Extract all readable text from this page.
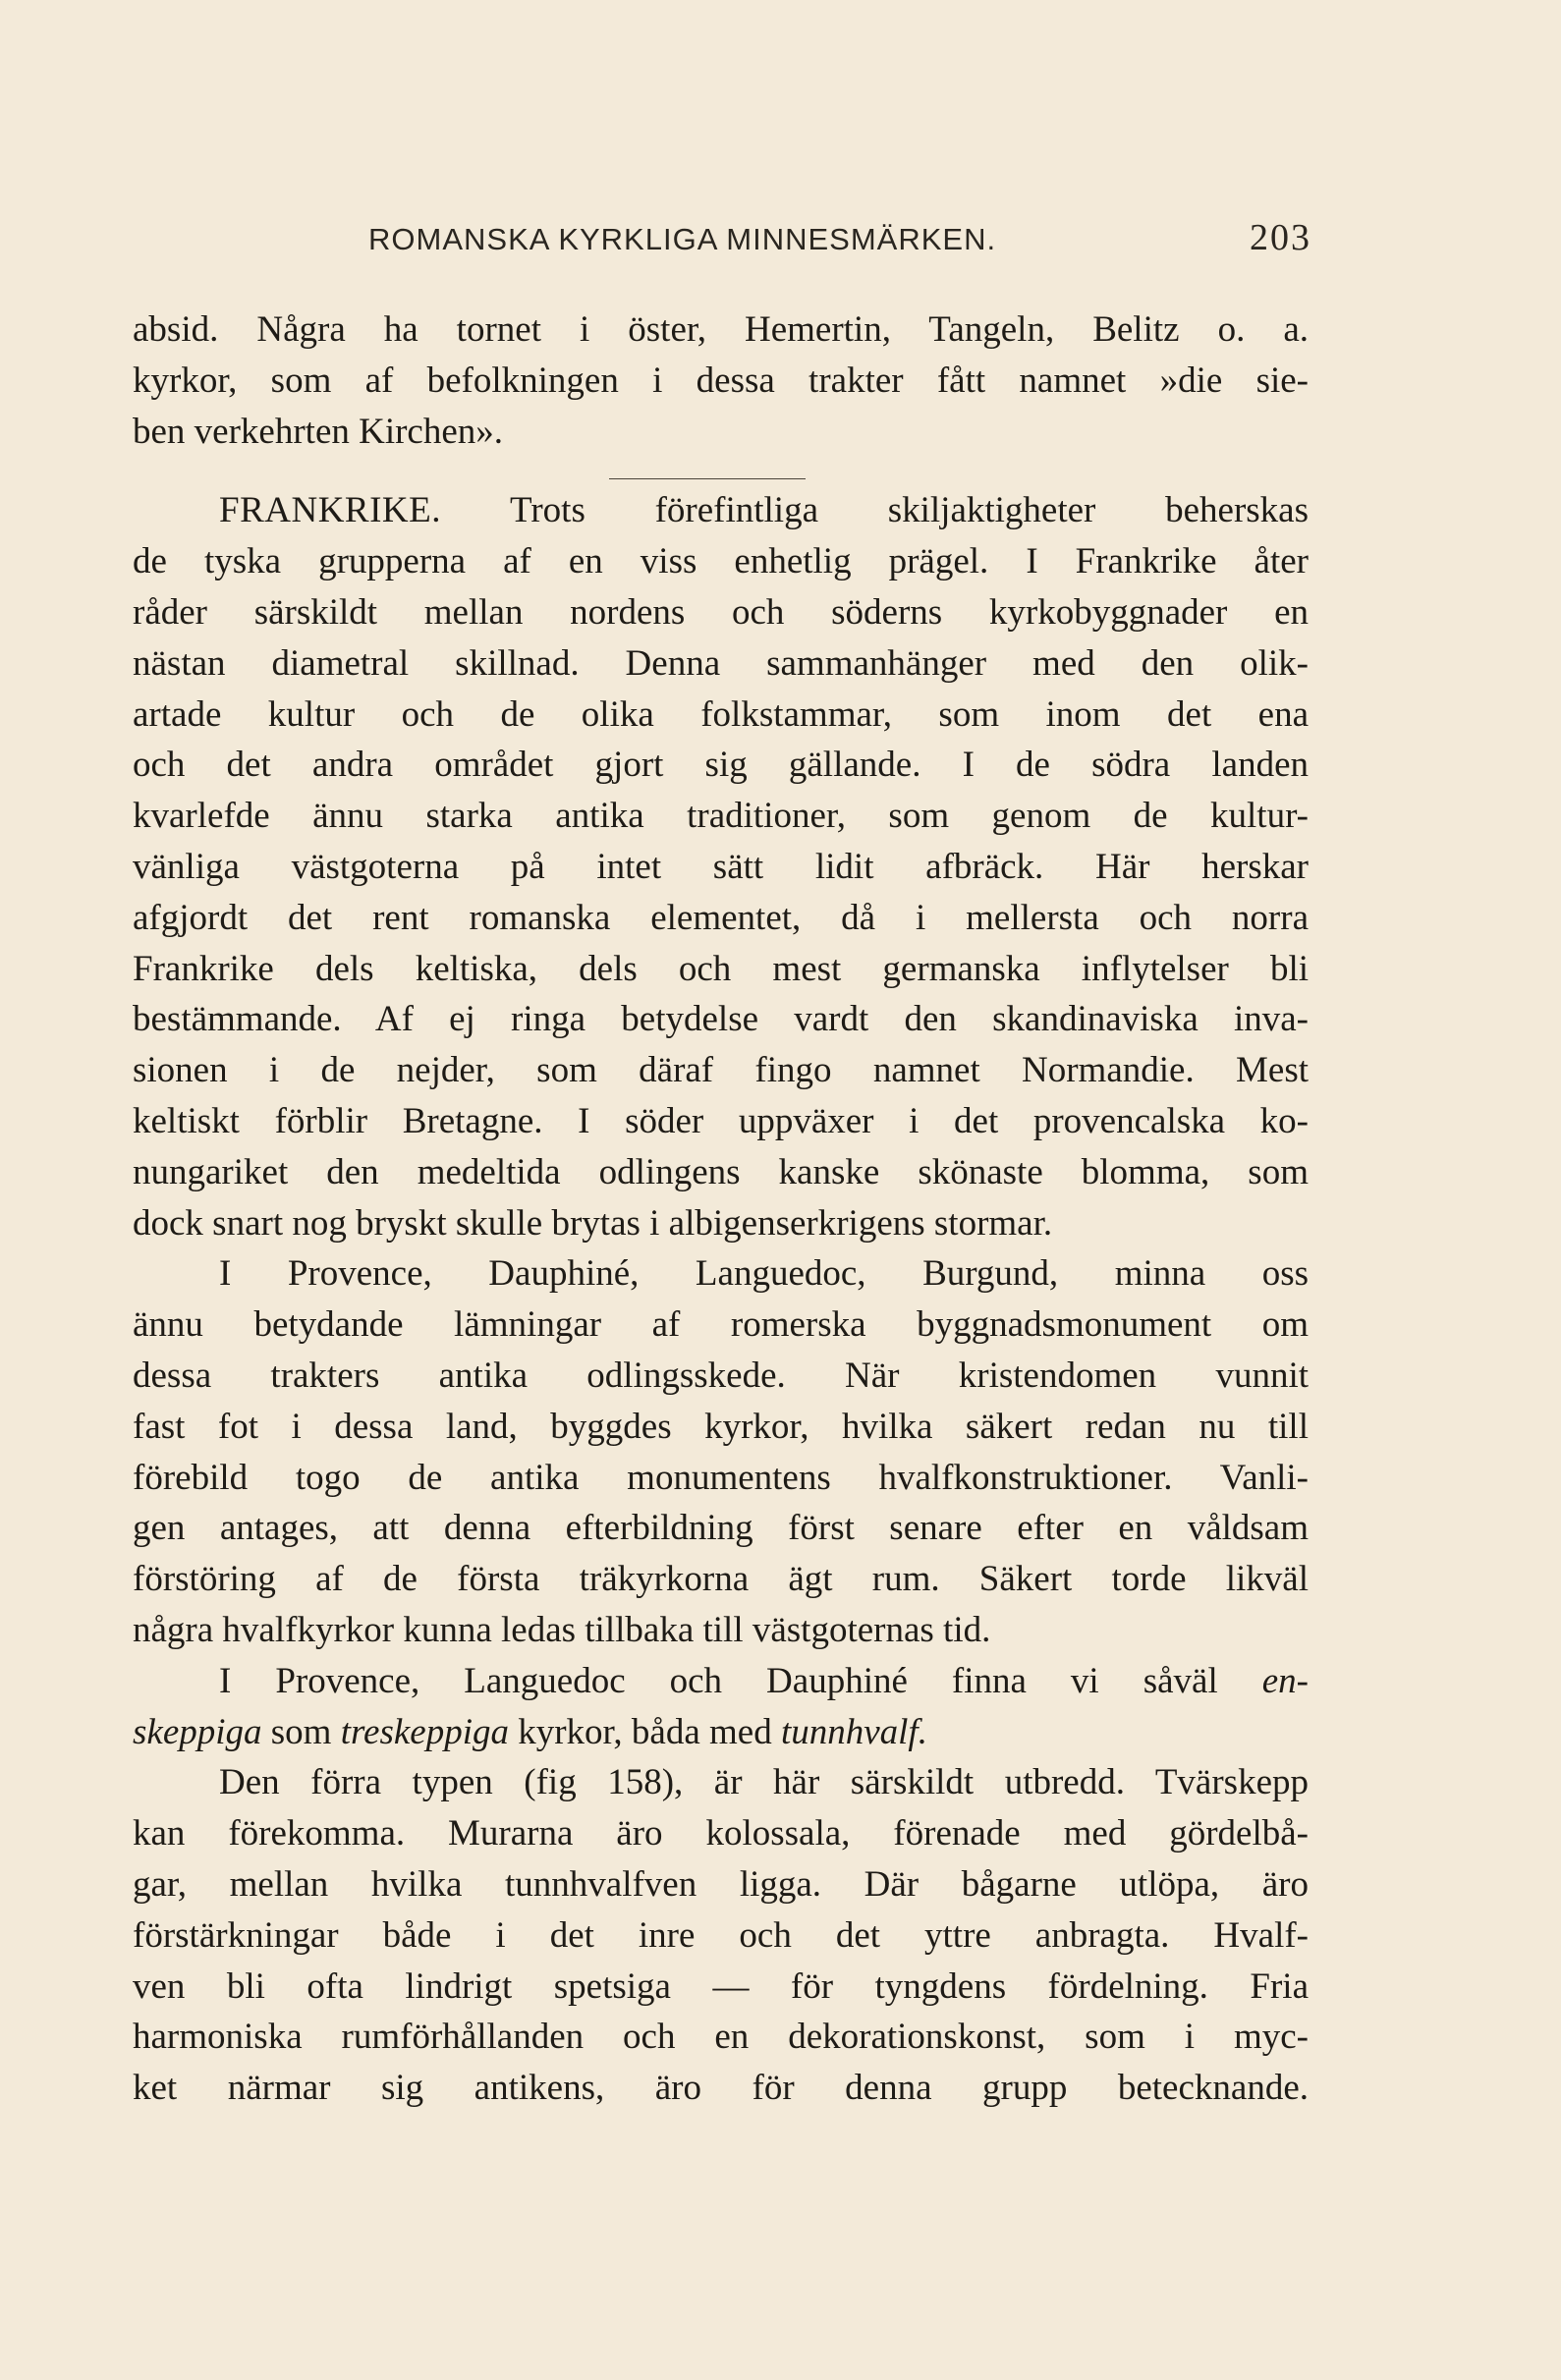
ROMANSKA KYRKLIGA MINNESMÄRKEN.	203
absid. Några ha tornet i öster, Hemertin, Tangeln, Belitz o. a.
kyrkor, som af befolkningen i dessa trakter fått namnet »die sie-
ben verkehrten Kirchen».
FRANKRIKE. Trots förefintliga skiljaktigheter beherskas
de tyska grupperna af en viss enhetlig prägel. I Frankrike åter
råder särskildt mellan nordens och söderns kyrkobyggnader en
nästan diametral skillnad. Denna sammanhänger med den olik-
artade kultur och de olika folkstammar, som inom det ena
och det andra området gjort sig gällande. I de södra landen
kvarlefde ännu starka antika traditioner, som genom de kultur-
vänliga västgoterna på intet sätt lidit afbräck. Här herskar
afgjordt det rent romanska elementet, då i mellersta och norra
Frankrike dels keltiska, dels och mest germanska inflytelser bli
bestämmande. Af ej ringa betydelse vardt den skandinaviska inva-
sionen i de nejder, som däraf fingo namnet Normandie. Mest
keltiskt förblir Bretagne. I söder uppväxer i det provencalska ko-
nungariket den medeltida odlingens kanske skönaste blomma, som
dock snart nog bryskt skulle brytas i albigenserkrigens stormar.
I Provence, Dauphiné, Languedoc, Burgund, minna oss
ännu betydande lämningar af romerska byggnadsmonument om
dessa trakters antika odlingsskede. När kristendomen vunnit
fast fot i dessa land, byggdes kyrkor, hvilka säkert redan nu till
förebild togo de antika monumentens hvalfkonstruktioner. Vanli-
gen antages, att denna efterbildning först senare efter en våldsam
förstöring af de första träkyrkorna ägt rum. Säkert torde likväl
några hvalfkyrkor kunna ledas tillbaka till västgoternas tid.
I Provence, Languedoc och Dauphiné finna vi såväl en-
skeppiga som treskeppiga kyrkor, båda med tunnhvalf.
Den förra typen (fig 158), är här särskildt utbredd. Tvärskepp
kan förekomma. Murarna äro kolossala, förenade med gördelbå-
gar, mellan hvilka tunnhvalfven ligga. Där bågarne utlöpa, äro
förstärkningar både i det inre och det yttre anbragta. Hvalf-
ven bli ofta lindrigt spetsiga — för tyngdens fördelning. Fria
harmoniska rumförhållanden och en dekorationskonst, som i myc-
ket närmar sig antikens, äro för denna grupp betecknande.
